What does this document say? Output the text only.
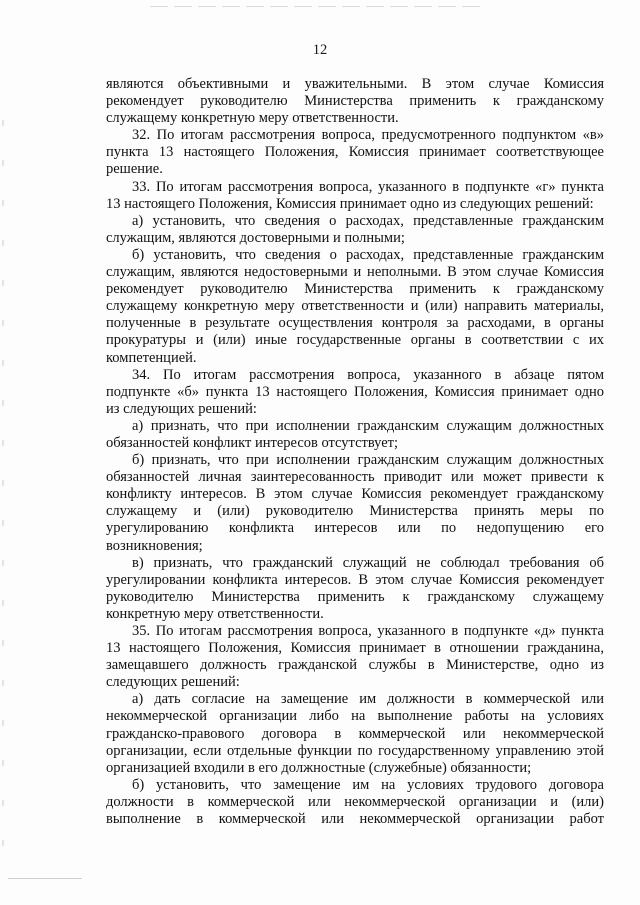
12
являются объективными и уважительными. В этом случае Комиссия
рекомендует руководителю Министерства применить к гражданскому
служащему конкретную меру ответственности.
32. По итогам рассмотрения вопроса, предусмотренного подпунктом «в»
пункта 13 настоящего Положения, Комиссия принимает соответствующее
решение.
33. По итогам рассмотрения вопроса, указанного в подпункте «г» пункта
13 настоящего Положения, Комиссия принимает одно из следующих решений:
а) установить, что сведения о расходах, представленные гражданским
служащим, являются достоверными и полными;
б) установить, что сведения о расходах, представленные гражданским
служащим, являются недостоверными и неполными. В этом случае Комиссия
рекомендует руководителю Министерства применить к гражданскому
служащему конкретную меру ответственности и (или) направить материалы,
полученные в результате осуществления контроля за расходами, в органы
прокуратуры и (или) иные государственные органы в соответствии с их
компетенцией.
34. По итогам рассмотрения вопроса, указанного в абзаце пятом
подпункте «б» пункта 13 настоящего Положения, Комиссия принимает одно
из следующих решений:
а) признать, что при исполнении гражданским служащим должностных
обязанностей конфликт интересов отсутствует;
б) признать, что при исполнении гражданским служащим должностных
обязанностей личная заинтересованность приводит или может привести к
конфликту интересов. В этом случае Комиссия рекомендует гражданскому
служащему и (или) руководителю Министерства принять меры по
урегулированию конфликта интересов или по недопущению его
возникновения;
в) признать, что гражданский служащий не соблюдал требования об
урегулировании конфликта интересов. В этом случае Комиссия рекомендует
руководителю Министерства применить к гражданскому служащему
конкретную меру ответственности.
35. По итогам рассмотрения вопроса, указанного в подпункте «д» пункта
13 настоящего Положения, Комиссия принимает в отношении гражданина,
замещавшего должность гражданской службы в Министерстве, одно из
следующих решений:
а) дать согласие на замещение им должности в коммерческой или
некоммерческой организации либо на выполнение работы на условиях
гражданско-правового договора в коммерческой или некоммерческой
организации, если отдельные функции по государственному управлению этой
организацией входили в его должностные (служебные) обязанности;
б) установить, что замещение им на условиях трудового договора
должности в коммерческой или некоммерческой организации и (или)
выполнение в коммерческой или некоммерческой организации работ
